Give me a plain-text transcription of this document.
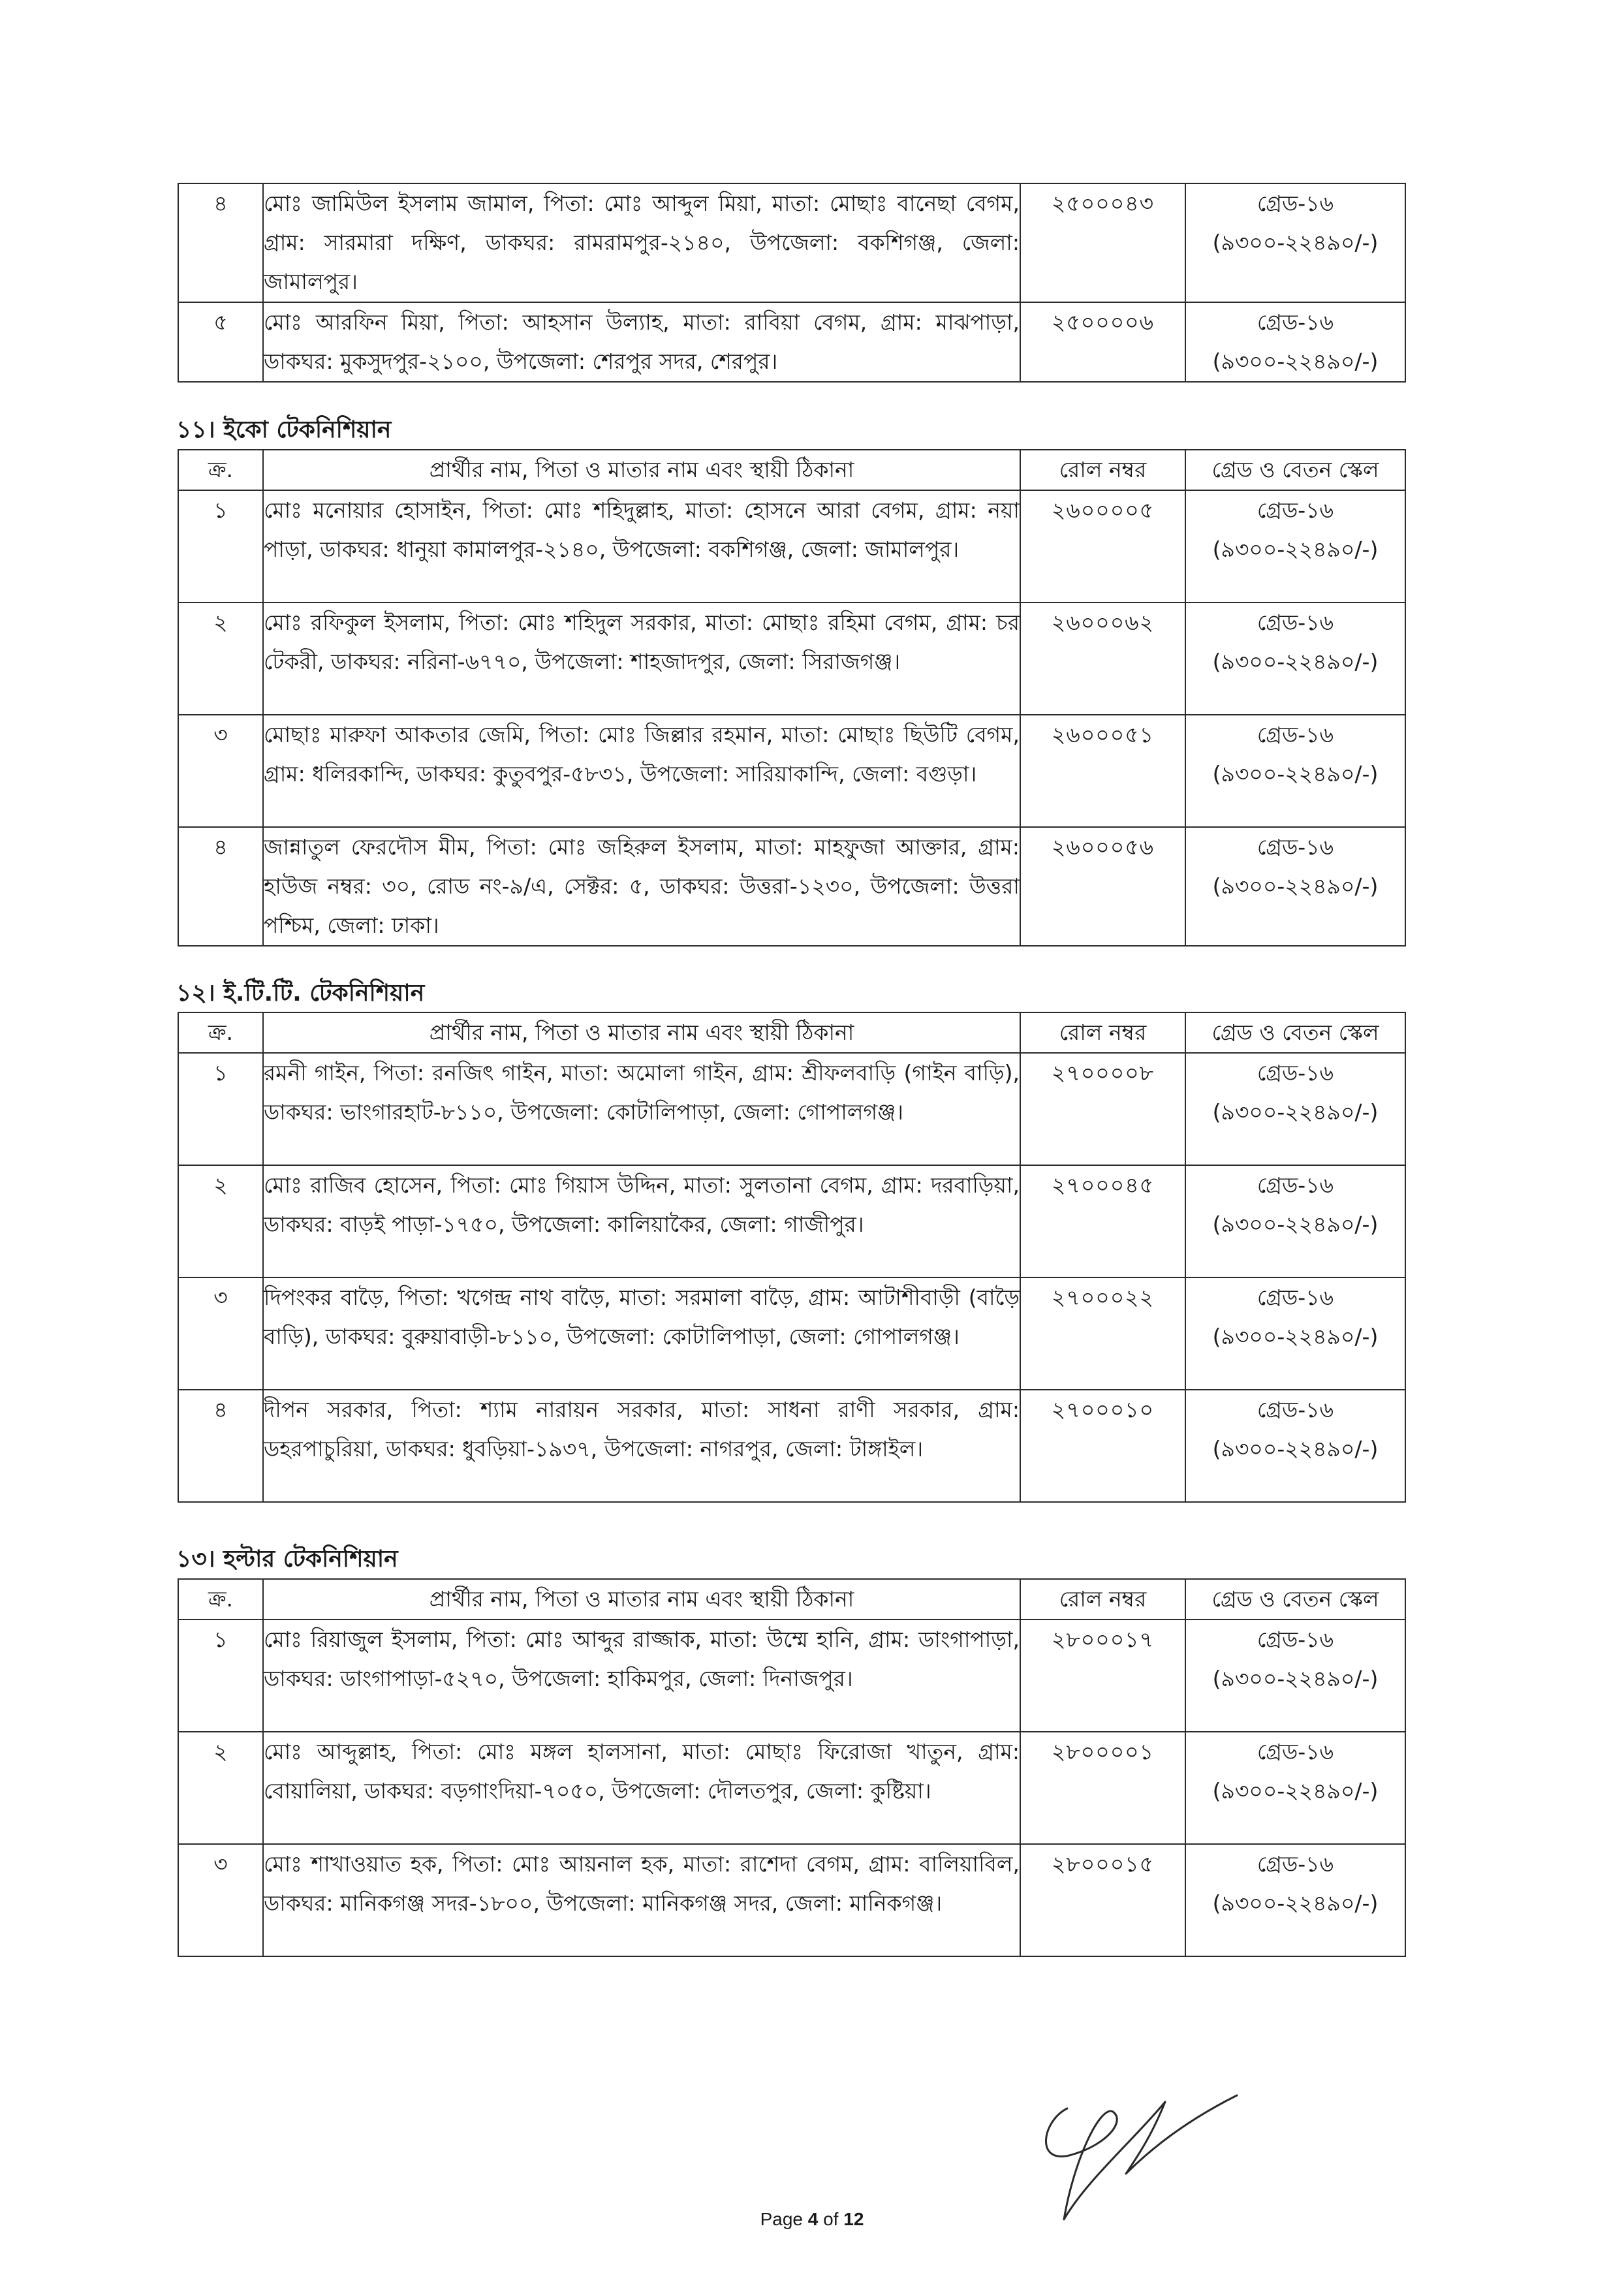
৪	মোঃ জামিউল ইসলাম জামাল, পিতা: মোঃ আব্দুল মিয়া, মাতা: মোছাঃ বানেছা বেগম, গ্রাম: সারমারা দক্ষিণ, ডাকঘর: রামরামপুর-২১৪০, উপজেলা: বকশিগঞ্জ, জেলা: জামালপুর।	২৫০০০৪৩	গ্রেড-১৬
(৯৩০০-২২৪৯০/-)

৫	মোঃ আরফিন মিয়া, পিতা: আহসান উল্যাহ, মাতা: রাবিয়া বেগম, গ্রাম: মাঝপাড়া, ডাকঘর: মুকসুদপুর-২১০০, উপজেলা: শেরপুর সদর, শেরপুর।	২৫০০০০৬	গ্রেড-১৬
(৯৩০০-২২৪৯০/-)
১১। ইকো টেকনিশিয়ান
ক্র.	প্রার্থীর নাম, পিতা ও মাতার নাম এবং স্থায়ী ঠিকানা	রোল নম্বর	গ্রেড ও বেতন স্কেল
১	মোঃ মনোয়ার হোসাইন, পিতা: মোঃ শহিদুল্লাহ, মাতা: হোসনে আরা বেগম, গ্রাম: নয়া পাড়া, ডাকঘর: ধানুয়া কামালপুর-২১৪০, উপজেলা: বকশিগঞ্জ, জেলা: জামালপুর।	২৬০০০০৫	গ্রেড-১৬
(৯৩০০-২২৪৯০/-)

২	মোঃ রফিকুল ইসলাম, পিতা: মোঃ শহিদুল সরকার, মাতা: মোছাঃ রহিমা বেগম, গ্রাম: চর টেকরী, ডাকঘর: নরিনা-৬৭৭০, উপজেলা: শাহজাদপুর, জেলা: সিরাজগঞ্জ।	২৬০০০৬২	গ্রেড-১৬
(৯৩০০-২২৪৯০/-)

৩	মোছাঃ মারুফা আকতার জেমি, পিতা: মোঃ জিল্লার রহমান, মাতা: মোছাঃ ছিউটি বেগম, গ্রাম: ধলিরকান্দি, ডাকঘর: কুতুবপুর-৫৮৩১, উপজেলা: সারিয়াকান্দি, জেলা: বগুড়া।	২৬০০০৫১	গ্রেড-১৬
(৯৩০০-২২৪৯০/-)

৪	জান্নাতুল ফেরদৌস মীম, পিতা: মোঃ জহিরুল ইসলাম, মাতা: মাহফুজা আক্তার, গ্রাম: হাউজ নম্বর: ৩০, রোড নং-৯/এ, সেক্টর: ৫, ডাকঘর: উত্তরা-১২৩০, উপজেলা: উত্তরা পশ্চিম, জেলা: ঢাকা।	২৬০০০৫৬	গ্রেড-১৬
(৯৩০০-২২৪৯০/-)
১২। ই.টি.টি. টেকনিশিয়ান
ক্র.	প্রার্থীর নাম, পিতা ও মাতার নাম এবং স্থায়ী ঠিকানা	রোল নম্বর	গ্রেড ও বেতন স্কেল
১	রমনী গাইন, পিতা: রনজিৎ গাইন, মাতা: অমোলা গাইন, গ্রাম: শ্রীফলবাড়ি (গাইন বাড়ি), ডাকঘর: ভাংগারহাট-৮১১০, উপজেলা: কোটালিপাড়া, জেলা: গোপালগঞ্জ।	২৭০০০০৮	গ্রেড-১৬
(৯৩০০-২২৪৯০/-)

২	মোঃ রাজিব হোসেন, পিতা: মোঃ গিয়াস উদ্দিন, মাতা: সুলতানা বেগম, গ্রাম: দরবাড়িয়া, ডাকঘর: বাড়ই পাড়া-১৭৫০, উপজেলা: কালিয়াকৈর, জেলা: গাজীপুর।	২৭০০০৪৫	গ্রেড-১৬
(৯৩০০-২২৪৯০/-)

৩	দিপংকর বাড়ৈ, পিতা: খগেন্দ্র নাথ বাড়ৈ, মাতা: সরমালা বাড়ৈ, গ্রাম: আটাশীবাড়ী (বাড়ৈ বাড়ি), ডাকঘর: বুরুয়াবাড়ী-৮১১০, উপজেলা: কোটালিপাড়া, জেলা: গোপালগঞ্জ।	২৭০০০২২	গ্রেড-১৬
(৯৩০০-২২৪৯০/-)

৪	দীপন সরকার, পিতা: শ্যাম নারায়ন সরকার, মাতা: সাধনা রাণী সরকার, গ্রাম: ডহরপাচুরিয়া, ডাকঘর: ধুবড়িয়া-১৯৩৭, উপজেলা: নাগরপুর, জেলা: টাঙ্গাইল।	২৭০০০১০	গ্রেড-১৬
(৯৩০০-২২৪৯০/-)
১৩। হল্টার টেকনিশিয়ান
ক্র.	প্রার্থীর নাম, পিতা ও মাতার নাম এবং স্থায়ী ঠিকানা	রোল নম্বর	গ্রেড ও বেতন স্কেল
১	মোঃ রিয়াজুল ইসলাম, পিতা: মোঃ আব্দুর রাজ্জাক, মাতা: উম্মে হানি, গ্রাম: ডাংগাপাড়া, ডাকঘর: ডাংগাপাড়া-৫২৭০, উপজেলা: হাকিমপুর, জেলা: দিনাজপুর।	২৮০০০১৭	গ্রেড-১৬
(৯৩০০-২২৪৯০/-)

২	মোঃ আব্দুল্লাহ, পিতা: মোঃ মঙ্গল হালসানা, মাতা: মোছাঃ ফিরোজা খাতুন, গ্রাম: বোয়ালিয়া, ডাকঘর: বড়গাংদিয়া-৭০৫০, উপজেলা: দৌলতপুর, জেলা: কুষ্টিয়া।	২৮০০০০১	গ্রেড-১৬
(৯৩০০-২২৪৯০/-)

৩	মোঃ শাখাওয়াত হক, পিতা: মোঃ আয়নাল হক, মাতা: রাশেদা বেগম, গ্রাম: বালিয়াবিল, ডাকঘর: মানিকগঞ্জ সদর-১৮০০, উপজেলা: মানিকগঞ্জ সদর, জেলা: মানিকগঞ্জ।	২৮০০০১৫	গ্রেড-১৬
(৯৩০০-২২৪৯০/-)
Page 4 of 12
